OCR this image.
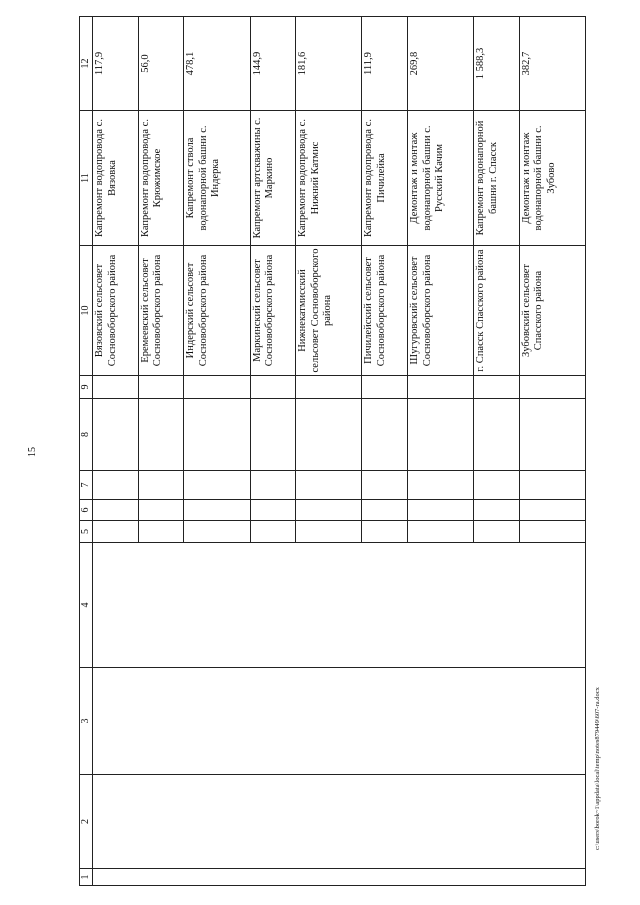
15
1	2	3	4	5	6	7	8	9	10	11	12
									Вязовский сельсовет Сосновоборского района	Капремонт водопровода с. Вязовка	117,9
									Еремеевский сельсовет Сосновоборского района	Капремонт водопровода с. Крюжимское	56,0
									Индерский сельсовет Сосновоборского района	Капремонт ствола водонапорной башни с. Индерка	478,1
									Маркинский сельсовет Сосновоборского района	Капремонт артскважины с. Маркино	144,9
									Нижнекатмисский сельсовет Сосновоборского района	Капремонт водопровода с. Нижний Катмис	181,6
									Пичилейский сельсовет Сосновоборского района	Капремонт водопровода с. Пичилейка	111,9
									Шугуровский сельсовет Сосновоборского района	Демонтаж и монтаж водонапорной башни с. Русский Качим	269,8
									г. Спасск Спасского района	Капремонт водонапорной башни г. Спасск	1 588,3
									Зубовский сельсовет Спасского района	Демонтаж и монтаж водонапорной башни с. Зубово	382,7
c:\users\borok~1\appdata\local\temp\notes879449\607-ra.docx
